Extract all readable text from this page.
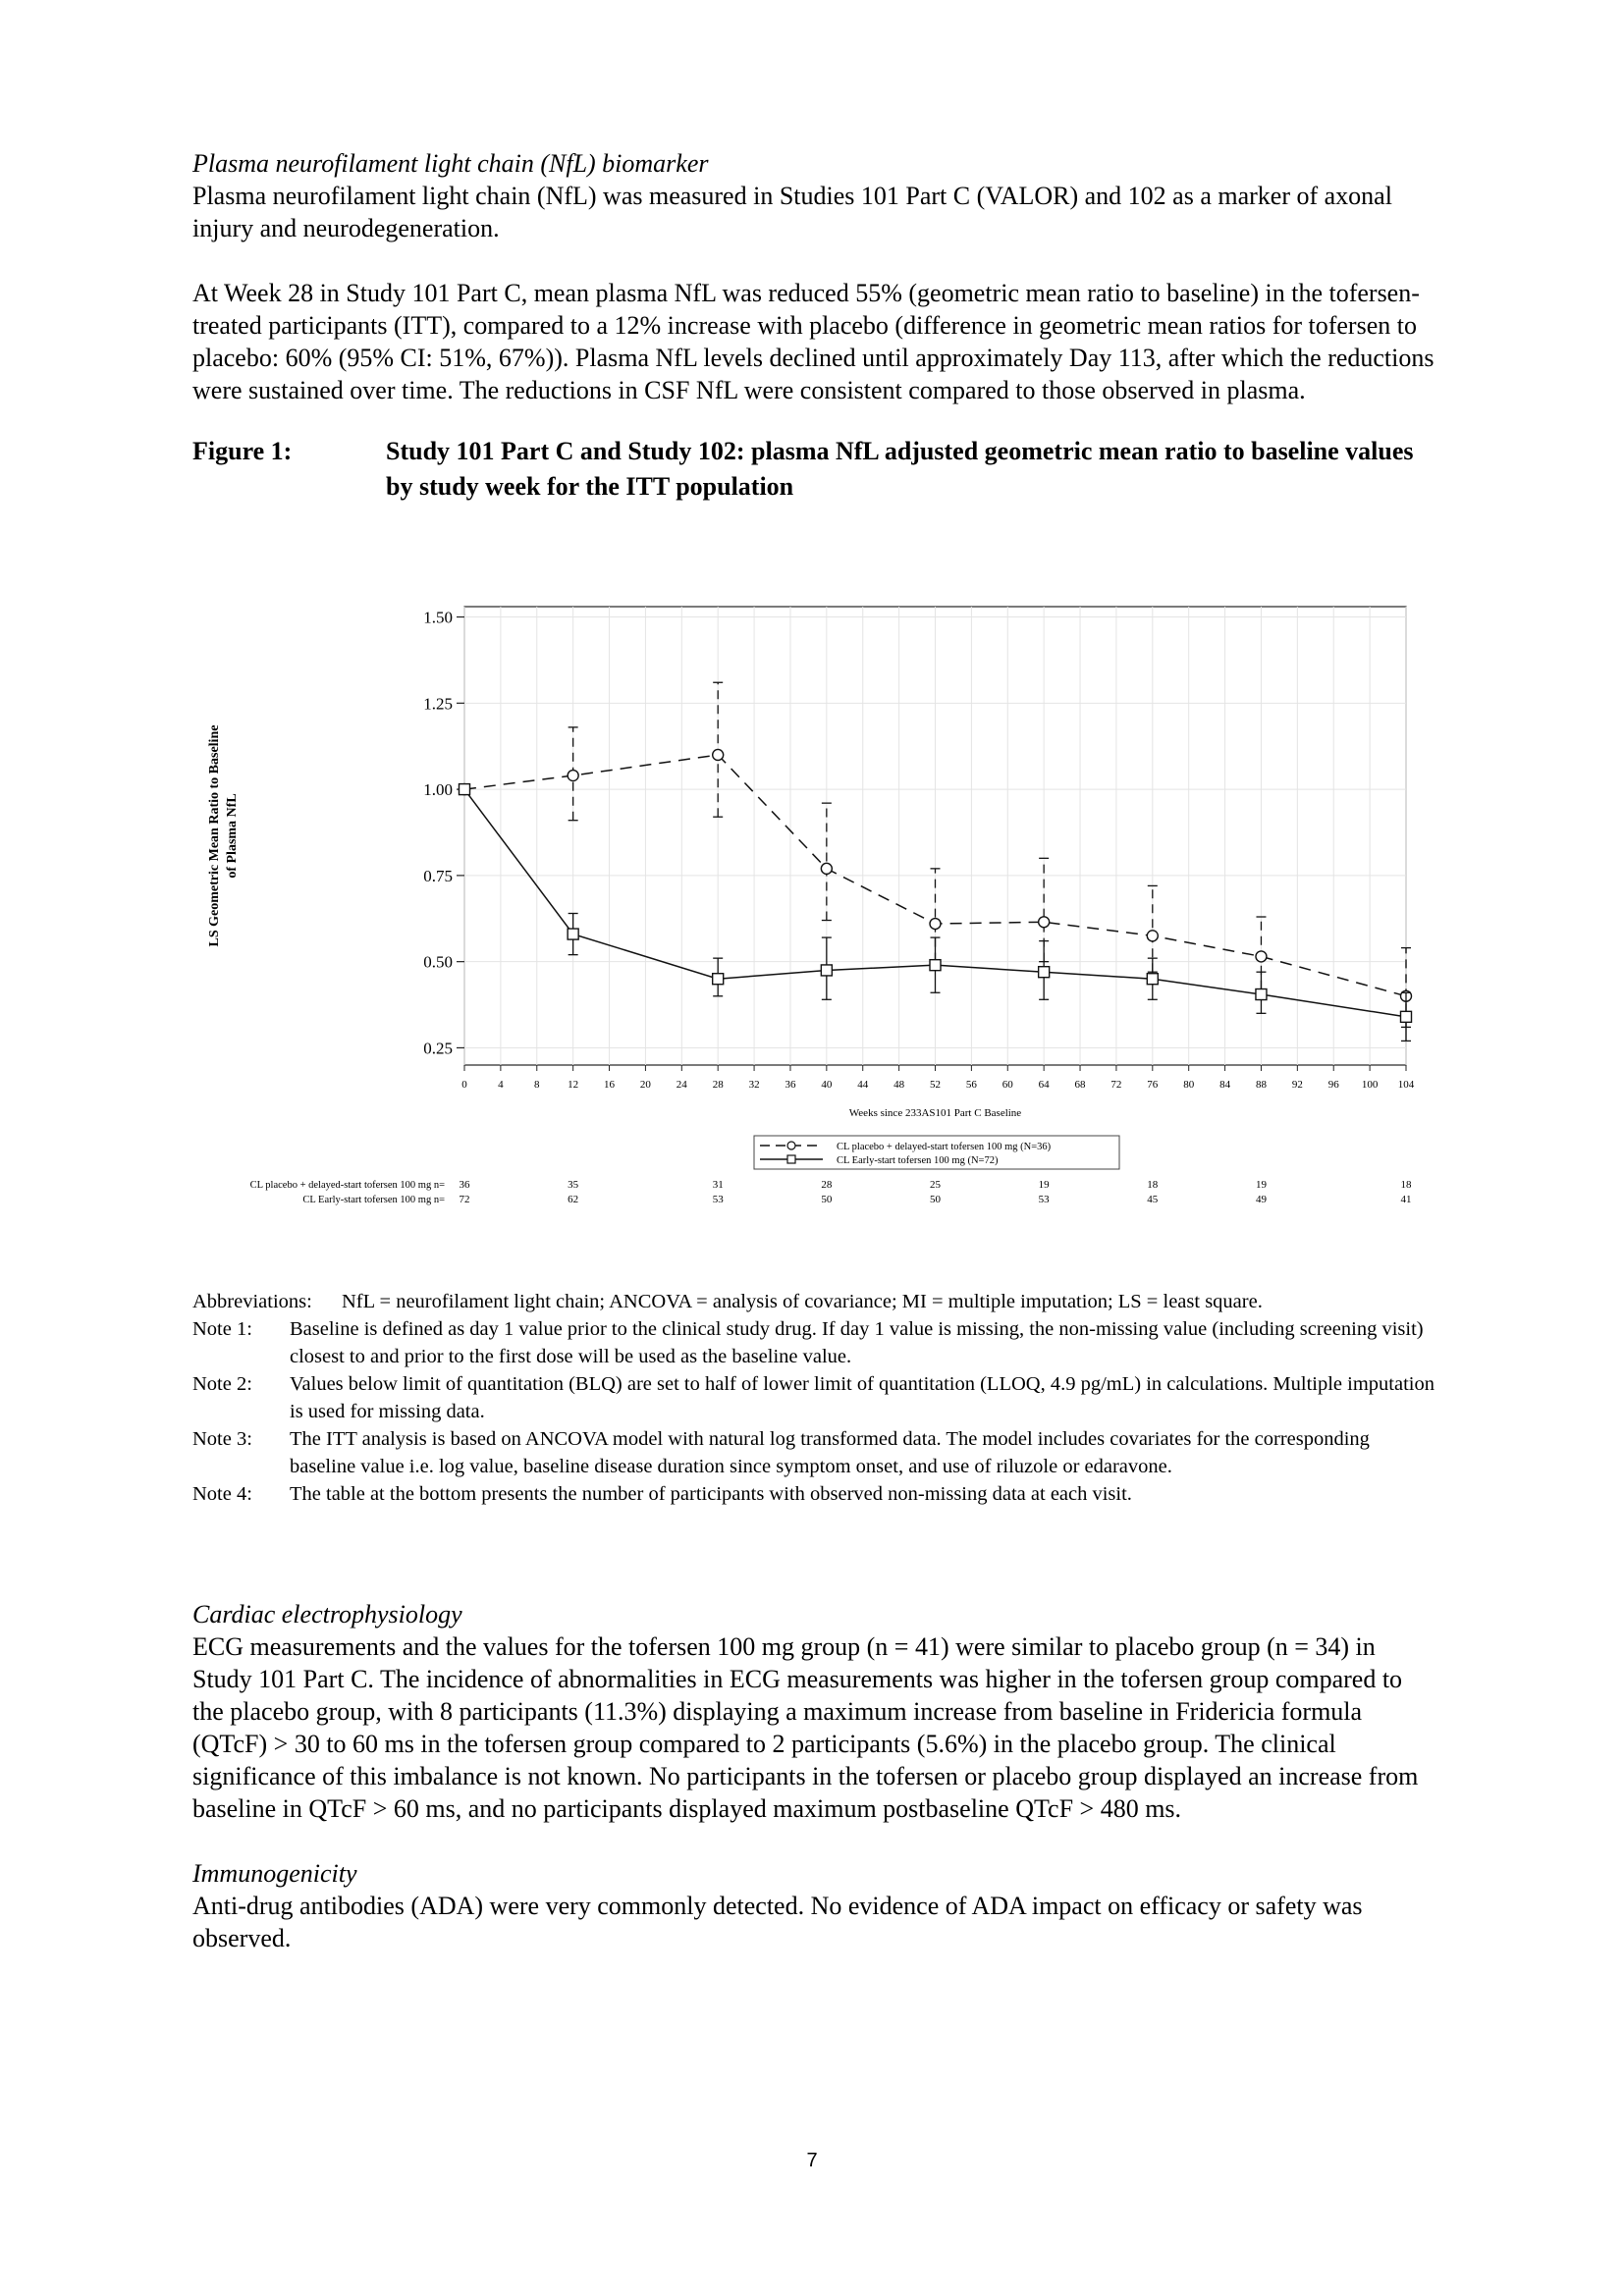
Plasma neurofilament light chain (NfL) biomarker

Plasma neurofilament light chain (NfL) was measured in Studies 101 Part C (VALOR) and 102 as a marker of axonal injury and neurodegeneration.

At Week 28 in Study 101 Part C, mean plasma NfL was reduced 55% (geometric mean ratio to baseline) in the tofersen-treated participants (ITT), compared to a 12% increase with placebo (difference in geometric mean ratios for tofersen to placebo: 60% (95% CI: 51%, 67%)). Plasma NfL levels declined until approximately Day 113, after which the reductions were sustained over time. The reductions in CSF NfL were consistent compared to those observed in plasma.

Figure 1:	Study 101 Part C and Study 102: plasma NfL adjusted geometric mean ratio to baseline values by study week for the ITT population
0.25
0.50
0.75
1.00
1.25
1.50
0	4	8	12 16 20 24 28 32 36 40 44 48 52 56 60 64 68 72 76 80 84 88 92 96 100 104
Weeks since 233AS101 Part C Baseline
LS Geometric Mean Ratio to Baseline of Plasma NfL
CL placebo + delayed-start tofersen 100 mg (N=36)
CL Early-start tofersen 100 mg (N=72)
CL placebo + delayed-start tofersen 100 mg n= 36	35	31	28	25	19	18	19	18
CL Early-start tofersen 100 mg n= 72	62	53	50	50	53	45	49	41
Abbreviations:	NfL = neurofilament light chain; ANCOVA = analysis of covariance; MI = multiple imputation; LS = least square.
Note 1:	Baseline is defined as day 1 value prior to the clinical study drug. If day 1 value is missing, the non-missing value (including screening visit) closest to and prior to the first dose will be used as the baseline value.
Note 2:	Values below limit of quantitation (BLQ) are set to half of lower limit of quantitation (LLOQ, 4.9 pg/mL) in calculations. Multiple imputation is used for missing data.
Note 3:	The ITT analysis is based on ANCOVA model with natural log transformed data. The model includes covariates for the corresponding baseline value i.e. log value, baseline disease duration since symptom onset, and use of riluzole or edaravone.
Note 4:	The table at the bottom presents the number of participants with observed non-missing data at each visit.

Cardiac electrophysiology

ECG measurements and the values for the tofersen 100 mg group (n = 41) were similar to placebo group (n = 34) in Study 101 Part C. The incidence of abnormalities in ECG measurements was higher in the tofersen group compared to the placebo group, with 8 participants (11.3%) displaying a maximum increase from baseline in Fridericia formula (QTcF) > 30 to 60 ms in the tofersen group compared to 2 participants (5.6%) in the placebo group. The clinical significance of this imbalance is not known. No participants in the tofersen or placebo group displayed an increase from baseline in QTcF > 60 ms, and no participants displayed maximum postbaseline QTcF > 480 ms.

Immunogenicity

Anti-drug antibodies (ADA) were very commonly detected. No evidence of ADA impact on efficacy or safety was observed.

7
